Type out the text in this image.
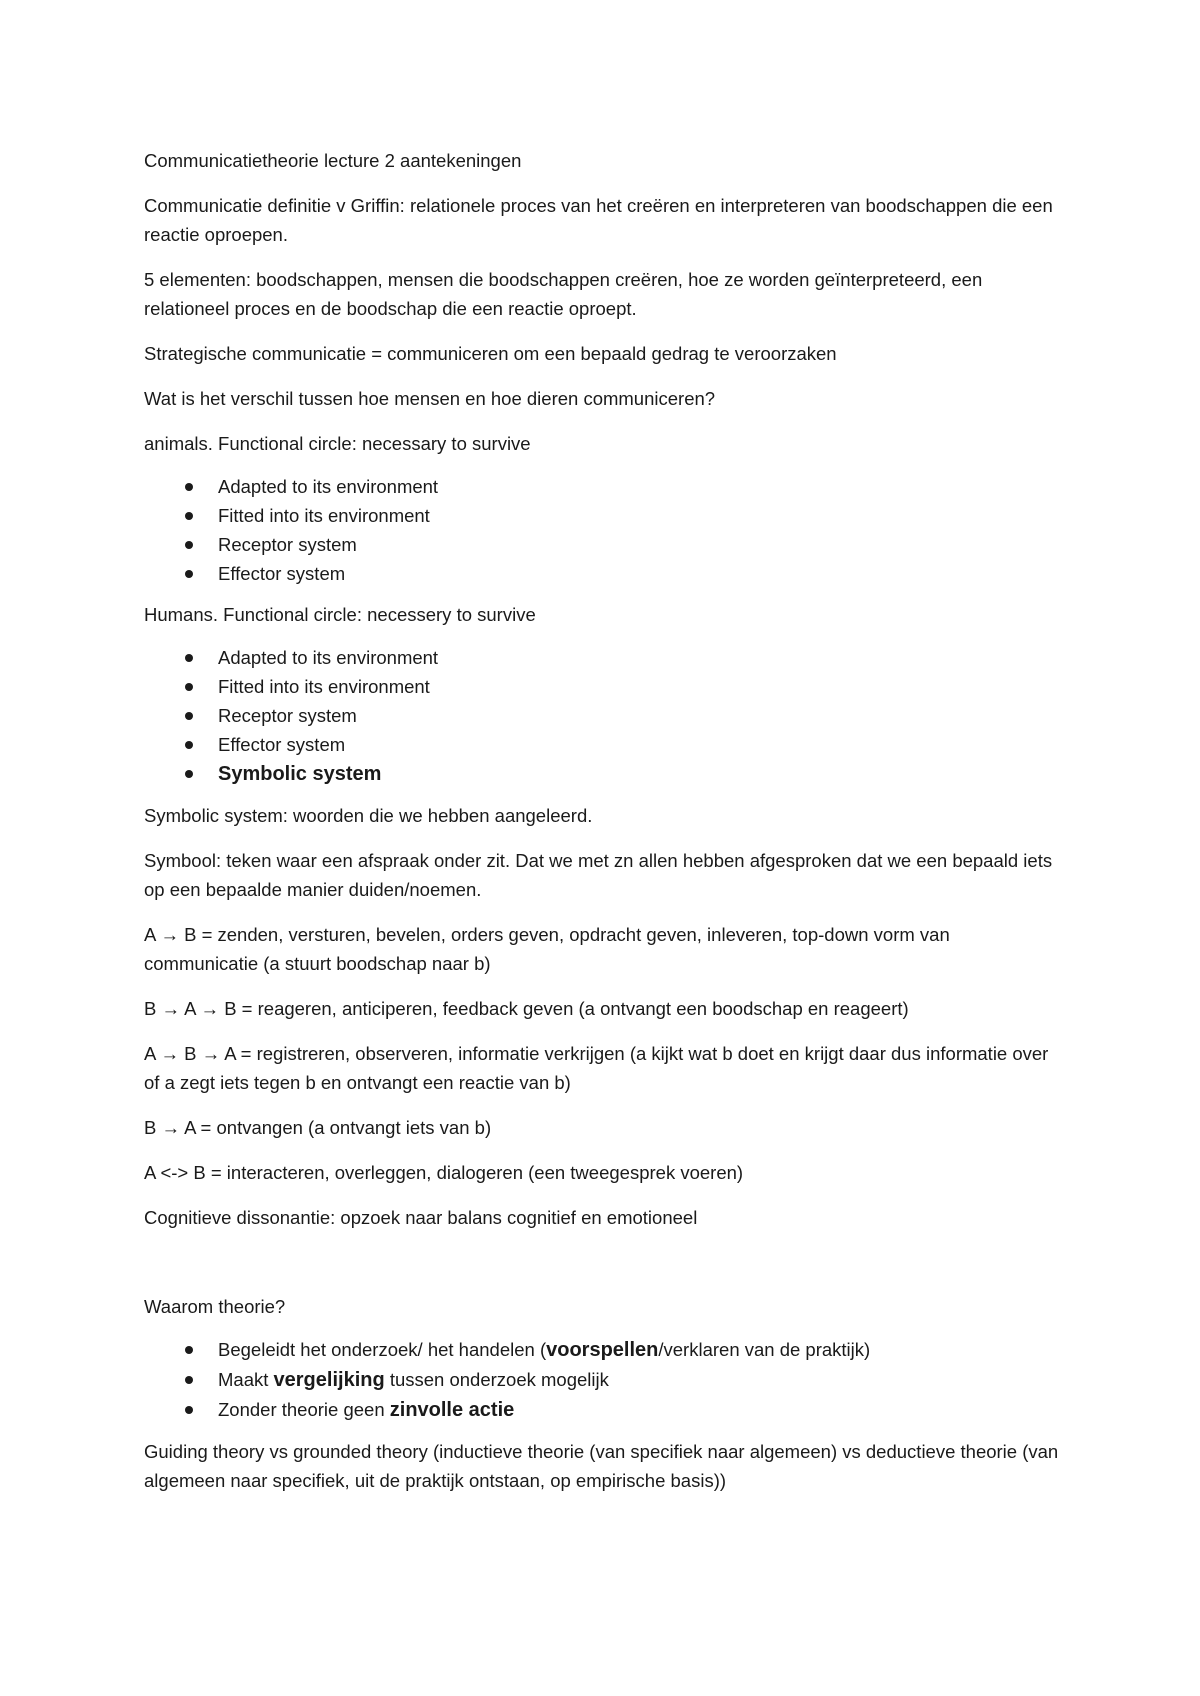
Communicatietheorie lecture 2 aantekeningen

Communicatie definitie v Griffin: relationele proces van het creëren en interpreteren van boodschappen die een reactie oproepen.

5 elementen: boodschappen, mensen die boodschappen creëren, hoe ze worden geïnterpreteerd, een relationeel proces en de boodschap die een reactie oproept.

Strategische communicatie = communiceren om een bepaald gedrag te veroorzaken

Wat is het verschil tussen hoe mensen en hoe dieren communiceren?

animals. Functional circle: necessary to survive

Adapted to its environment
Fitted into its environment
Receptor system
Effector system

Humans. Functional circle: necessery to survive

Adapted to its environment
Fitted into its environment
Receptor system
Effector system
Symbolic system

Symbolic system: woorden die we hebben aangeleerd.

Symbool: teken waar een afspraak onder zit. Dat we met zn allen hebben afgesproken dat we een bepaald iets op een bepaalde manier duiden/noemen.

A → B = zenden, versturen, bevelen, orders geven, opdracht geven, inleveren, top-down vorm van communicatie (a stuurt boodschap naar b)

B → A → B = reageren, anticiperen, feedback geven (a ontvangt een boodschap en reageert)

A → B → A = registreren, observeren, informatie verkrijgen (a kijkt wat b doet en krijgt daar dus informatie over of a zegt iets tegen b en ontvangt een reactie van b)

B → A = ontvangen (a ontvangt iets van b)

A <-> B = interacteren, overleggen, dialogeren (een tweegesprek voeren)

Cognitieve dissonantie: opzoek naar balans cognitief en emotioneel

Waarom theorie?

Begeleidt het onderzoek/ het handelen (voorspellen/verklaren van de praktijk)
Maakt vergelijking tussen onderzoek mogelijk
Zonder theorie geen zinvolle actie

Guiding theory vs grounded theory (inductieve theorie (van specifiek naar algemeen) vs deductieve theorie (van algemeen naar specifiek, uit de praktijk ontstaan, op empirische basis))
